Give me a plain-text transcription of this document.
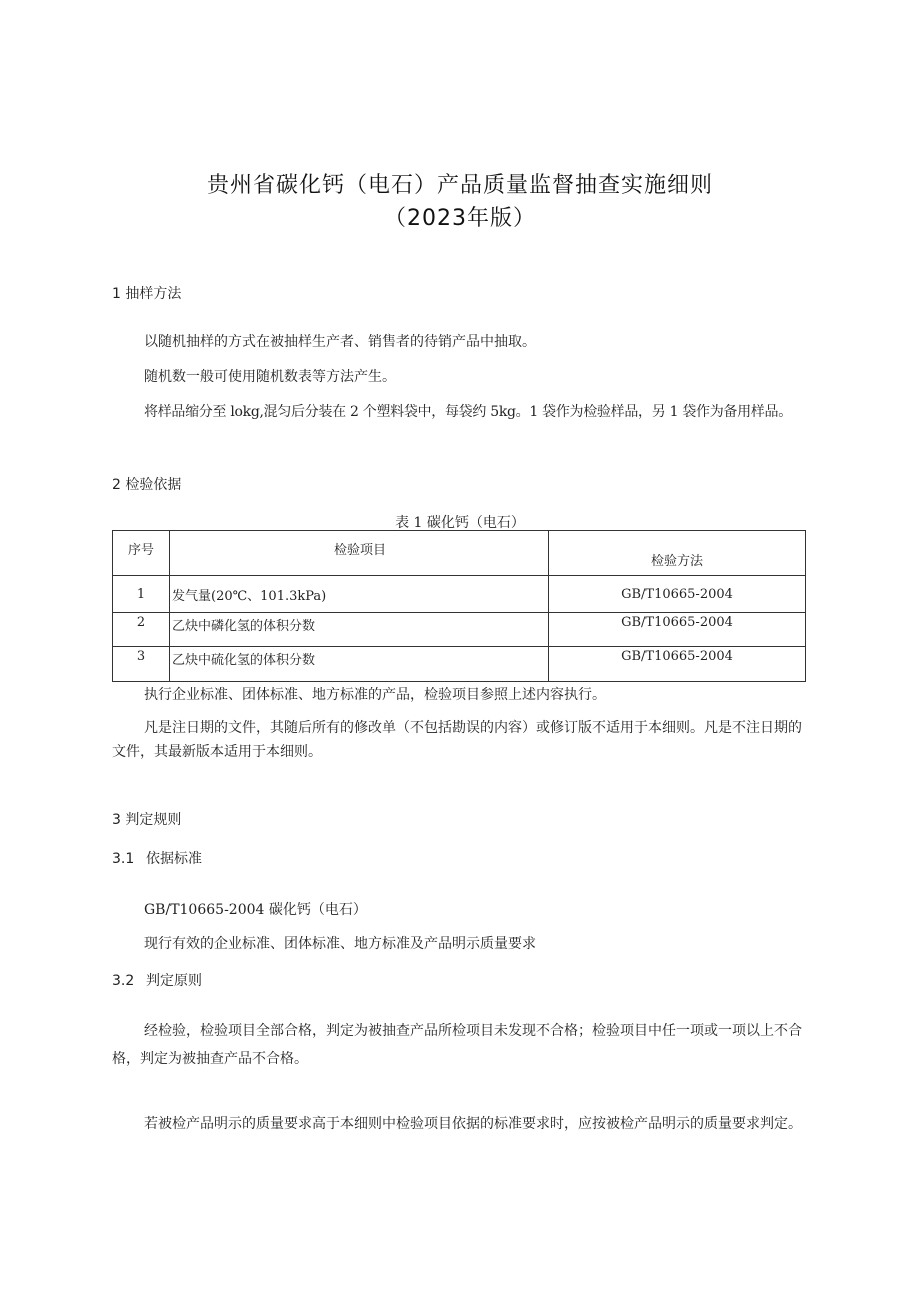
贵州省碳化钙（电石）产品质量监督抽查实施细则
（2023年版）
1 抽样方法
以随机抽样的方式在被抽样生产者、销售者的待销产品中抽取。
随机数一般可使用随机数表等方法产生。
将样品缩分至 lokg,混匀后分装在 2 个塑料袋中，每袋约 5kg。1 袋作为检验样品，另 1 袋作为备用样品。
2 检验依据
表 1 碳化钙（电石）
序号	检验项目	检验方法
1	发气量(20℃、101.3kPa)	GB/T10665-2004
2	乙炔中磷化氢的体积分数	GB/T10665-2004
3	乙炔中硫化氢的体积分数	GB/T10665-2004
执行企业标准、团体标准、地方标准的产品，检验项目参照上述内容执行。
凡是注日期的文件，其随后所有的修改单（不包括勘误的内容）或修订版不适用于本细则。凡是不注日期的文件，其最新版本适用于本细则。
3 判定规则
3.1 依据标准
GB/T10665-2004 碳化钙（电石）
现行有效的企业标准、团体标准、地方标准及产品明示质量要求
3.2 判定原则
经检验，检验项目全部合格，判定为被抽查产品所检项目未发现不合格；检验项目中任一项或一项以上不合格，判定为被抽查产品不合格。
若被检产品明示的质量要求高于本细则中检验项目依据的标准要求时，应按被检产品明示的质量要求判定。
